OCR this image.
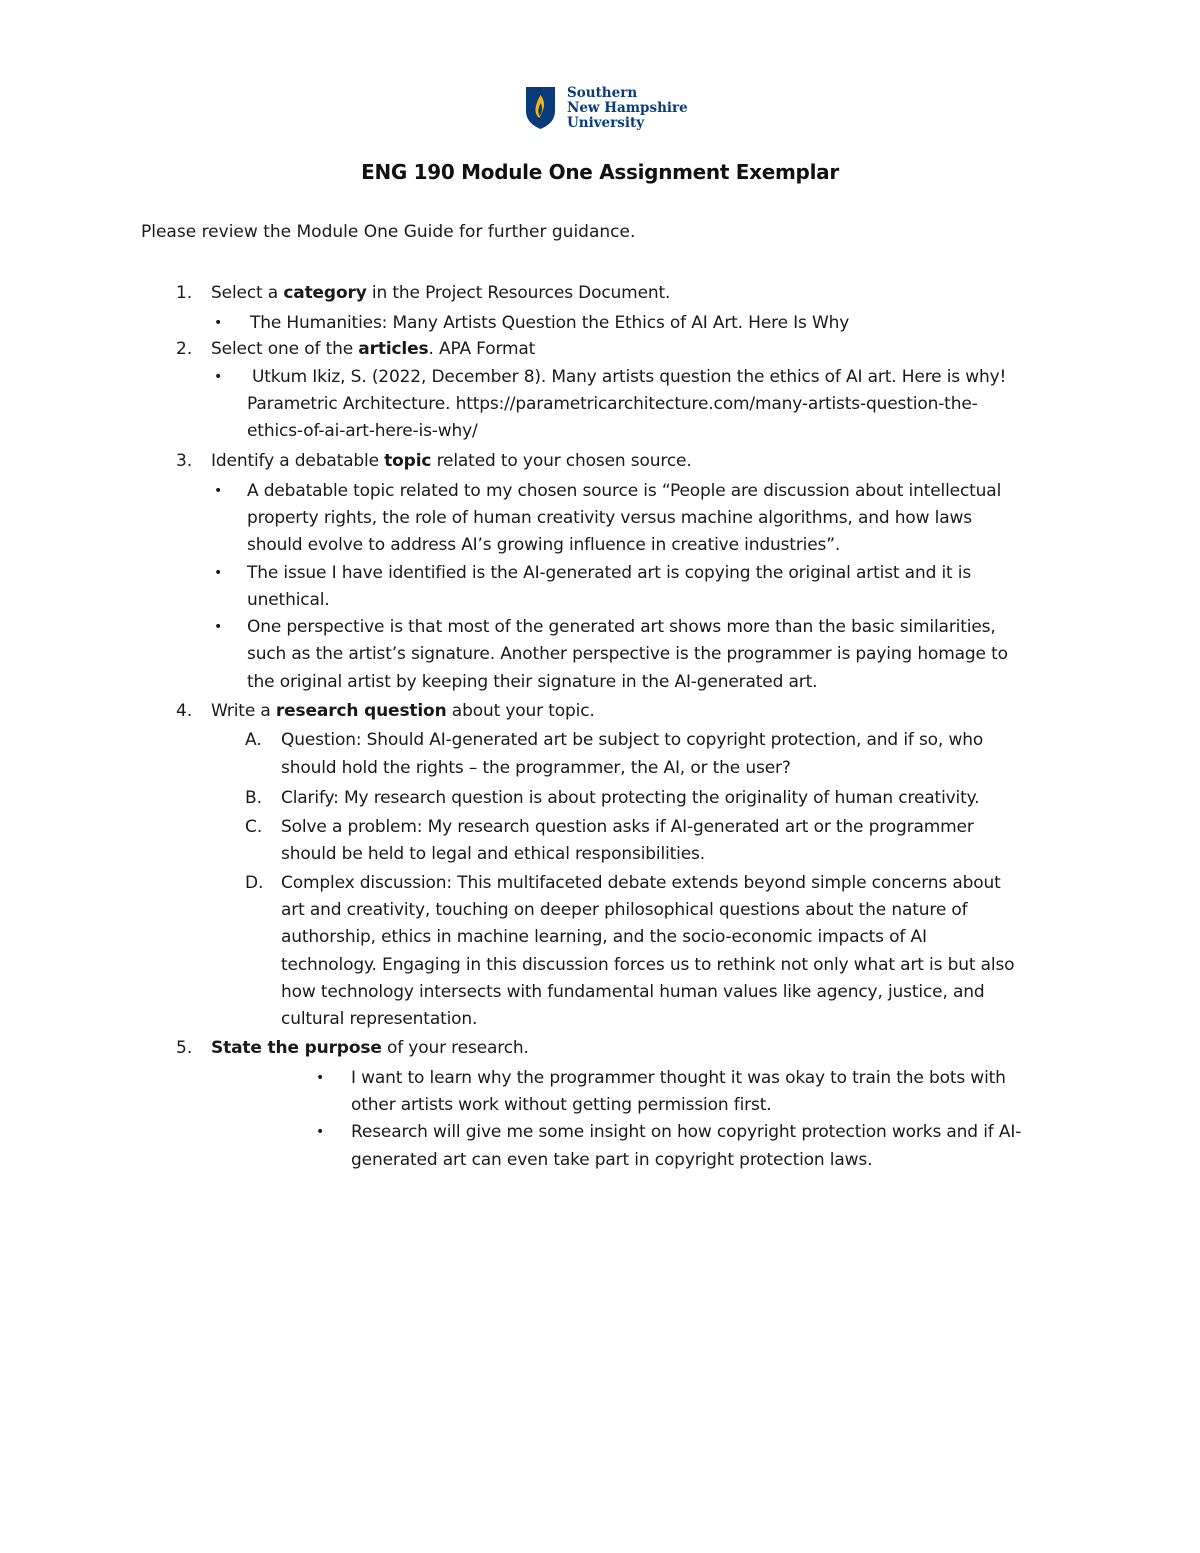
Southern
New Hampshire
University
ENG 190 Module One Assignment Exemplar
Please review the Module One Guide for further guidance.
1. Select a category in the Project Resources Document.
• The Humanities: Many Artists Question the Ethics of AI Art. Here Is Why
2. Select one of the articles. APA Format
• Utkum Ikiz, S. (2022, December 8). Many artists question the ethics of AI art. Here is why!
Parametric Architecture. https://parametricarchitecture.com/many-artists-question-the-
ethics-of-ai-art-here-is-why/
3. Identify a debatable topic related to your chosen source.
• A debatable topic related to my chosen source is “People are discussion about intellectual
property rights, the role of human creativity versus machine algorithms, and how laws
should evolve to address AI’s growing influence in creative industries”.
• The issue I have identified is the AI-generated art is copying the original artist and it is
unethical.
• One perspective is that most of the generated art shows more than the basic similarities,
such as the artist’s signature. Another perspective is the programmer is paying homage to
the original artist by keeping their signature in the AI-generated art.
4. Write a research question about your topic.
A. Question: Should AI-generated art be subject to copyright protection, and if so, who
should hold the rights – the programmer, the AI, or the user?
B. Clarify: My research question is about protecting the originality of human creativity.
C. Solve a problem: My research question asks if AI-generated art or the programmer
should be held to legal and ethical responsibilities.
D. Complex discussion: This multifaceted debate extends beyond simple concerns about
art and creativity, touching on deeper philosophical questions about the nature of
authorship, ethics in machine learning, and the socio-economic impacts of AI
technology. Engaging in this discussion forces us to rethink not only what art is but also
how technology intersects with fundamental human values like agency, justice, and
cultural representation.
5. State the purpose of your research.
• I want to learn why the programmer thought it was okay to train the bots with
other artists work without getting permission first.
• Research will give me some insight on how copyright protection works and if AI-
generated art can even take part in copyright protection laws.
